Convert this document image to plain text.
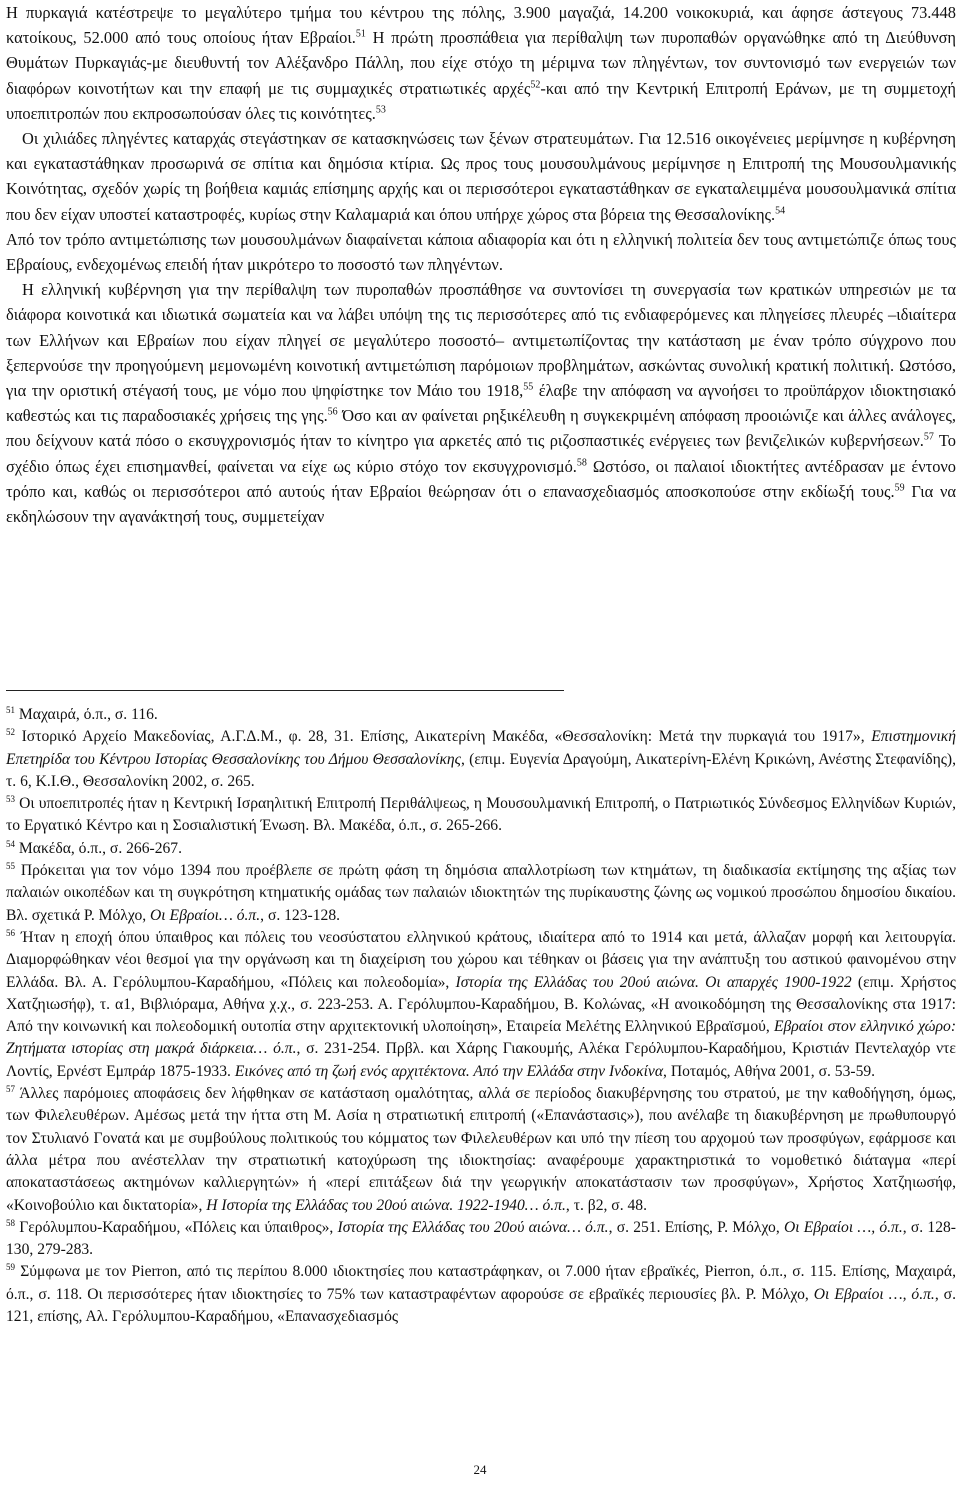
Η πυρκαγιά κατέστρεψε το μεγαλύτερο τμήμα του κέντρου της πόλης, 3.900 μαγαζιά, 14.200 νοικοκυριά, και άφησε άστεγους 73.448 κατοίκους, 52.000 από τους οποίους ήταν Εβραίοι.$^{51}$ Η πρώτη προσπάθεια για περίθαλψη των πυροπαθών οργανώθηκε από τη Διεύθυνση Θυμάτων Πυρκαγιάς-με διευθυντή τον Αλέξανδρο Πάλλη, που είχε στόχο τη μέριμνα των πληγέντων, τον συντονισμό των ενεργειών των διαφόρων κοινοτήτων και την επαφή με τις συμμαχικές στρατιωτικές αρχές$^{52}$-και από την Κεντρική Επιτροπή Εράνων, με τη συμμετοχή υποεπιτροπών που εκπροσωπούσαν όλες τις κοινότητες.$^{53}$

Οι χιλιάδες πληγέντες καταρχάς στεγάστηκαν σε κατασκηνώσεις των ξένων στρατευμάτων. Για 12.516 οικογένειες μερίμνησε η κυβέρνηση και εγκαταστάθηκαν προσωρινά σε σπίτια και δημόσια κτίρια. Ως προς τους μουσουλμάνους μερίμνησε η Επιτροπή της Μουσουλμανικής Κοινότητας, σχεδόν χωρίς τη βοήθεια καμιάς επίσημης αρχής και οι περισσότεροι εγκαταστάθηκαν σε εγκαταλειμμένα μουσουλμανικά σπίτια που δεν είχαν υποστεί καταστροφές, κυρίως στην Καλαμαριά και όπου υπήρχε χώρος στα βόρεια της Θεσσαλονίκης.$^{54}$

Από τον τρόπο αντιμετώπισης των μουσουλμάνων διαφαίνεται κάποια αδιαφορία και ότι η ελληνική πολιτεία δεν τους αντιμετώπιζε όπως τους Εβραίους, ενδεχομένως επειδή ήταν μικρότερο το ποσοστό των πληγέντων.

Η ελληνική κυβέρνηση για την περίθαλψη των πυροπαθών προσπάθησε να συντονίσει τη συνεργασία των κρατικών υπηρεσιών με τα διάφορα κοινοτικά και ιδιωτικά σωματεία και να λάβει υπόψη της τις περισσότερες από τις ενδιαφερόμενες και πληγείσες πλευρές –ιδιαίτερα των Ελλήνων και Εβραίων που είχαν πληγεί σε μεγαλύτερο ποσοστό– αντιμετωπίζοντας την κατάσταση με έναν τρόπο σύγχρονο που ξεπερνούσε την προηγούμενη μεμονωμένη κοινοτική αντιμετώπιση παρόμοιων προβλημάτων, ασκώντας συνολική κρατική πολιτική. Ωστόσο, για την οριστική στέγασή τους, με νόμο που ψηφίστηκε τον Μάιο του 1918,55 έλαβε την απόφαση να αγνοήσει το προϋπάρχον ιδιοκτησιακό καθεστώς και τις παραδοσιακές χρήσεις της γης.$^{56}$ Όσο και αν φαίνεται ρηξικέλευθη η συγκεκριμένη απόφαση προοιώνιζε και άλλες ανάλογες, που δείχνουν κατά πόσο ο εκσυγχρονισμός ήταν το κίνητρο για αρκετές από τις ριζοσπαστικές ενέργειες των βενιζελικών κυβερνήσεων.$^{57}$ Το σχέδιο όπως έχει επισημανθεί, φαίνεται να είχε ως κύριο στόχο τον εκσυγχρονισμό.$^{58}$ Ωστόσο, οι παλαιοί ιδιοκτήτες αντέδρασαν με έντονο τρόπο και, καθώς οι περισσότεροι από αυτούς ήταν Εβραίοι θεώρησαν ότι ο επανασχεδιασμός αποσκοπούσε στην εκδίωξή τους.$^{59}$ Για να εκδηλώσουν την αγανάκτησή τους, συμμετείχαν

$^{51}$ Μαχαιρά, ό.π., σ. 116.

$^{52}$ Ιστορικό Αρχείο Μακεδονίας, Α.Γ.Δ.Μ., φ. 28, 31. Επίσης, Αικατερίνη Μακέδα, «Θεσσαλονίκη: Μετά την πυρκαγιά του 1917», Επιστημονική Επετηρίδα του Κέντρου Ιστορίας Θεσσαλονίκης του Δήμου Θεσσαλονίκης, (επιμ. Ευγενία Δραγούμη, Αικατερίνη-Ελένη Κρικώνη, Ανέστης Στεφανίδης), τ. 6, Κ.Ι.Θ., Θεσσαλονίκη 2002, σ. 265.

$^{53}$ Οι υποεπιτροπές ήταν η Κεντρική Ισραηλιτική Επιτροπή Περιθάλψεως, η Μουσουλμανική Επιτροπή, ο Πατριωτικός Σύνδεσμος Ελληνίδων Κυριών, το Εργατικό Κέντρο και η Σοσιαλιστική Ένωση. Βλ. Μακέδα, ό.π., σ. 265-266.

$^{54}$ Μακέδα, ό.π., σ. 266-267.

$^{55}$ Πρόκειται για τον νόμο 1394 που προέβλεπε σε πρώτη φάση τη δημόσια απαλλοτρίωση των κτημάτων, τη διαδικασία εκτίμησης της αξίας των παλαιών οικοπέδων και τη συγκρότηση κτηματικής ομάδας των παλαιών ιδιοκτητών της πυρίκαυστης ζώνης ως νομικού προσώπου δημοσίου δικαίου. Βλ. σχετικά Ρ. Μόλχο, Οι Εβραίοι… ό.π., σ. 123-128.

$^{56}$ Ήταν η εποχή όπου ύπαιθρος και πόλεις του νεοσύστατου ελληνικού κράτους, ιδιαίτερα από το 1914 και μετά, άλλαζαν μορφή και λειτουργία. Διαμορφώθηκαν νέοι θεσμοί για την οργάνωση και τη διαχείριση του χώρου και τέθηκαν οι βάσεις για την ανάπτυξη του αστικού φαινομένου στην Ελλάδα. Βλ. Α. Γερόλυμπου-Καραδήμου, «Πόλεις και πολεοδομία», Ιστορία της Ελλάδας του 20ού αιώνα. Οι απαρχές 1900-1922 (επιμ. Χρήστος Χατζηιωσήφ), τ. α1, Βιβλιόραμα, Αθήνα χ.χ., σ. 223-253. Α. Γερόλυμπου-Καραδήμου, Β. Κολώνας, «Η ανοικοδόμηση της Θεσσαλονίκης στα 1917: Από την κοινωνική και πολεοδομική ουτοπία στην αρχιτεκτονική υλοποίηση», Εταιρεία Μελέτης Ελληνικού Εβραϊσμού, Εβραίοι στον ελληνικό χώρο: Ζητήματα ιστορίας στη μακρά διάρκεια… ό.π., σ. 231-254. Πρβλ. και Χάρης Γιακουμής, Αλέκα Γερόλυμπου-Καραδήμου, Κριστιάν Πεντελαχόρ ντε Λοντίς, Ερνέστ Εμπράρ 1875-1933. Εικόνες από τη ζωή ενός αρχιτέκτονα. Από την Ελλάδα στην Ινδοκίνα, Ποταμός, Αθήνα 2001, σ. 53-59.

$^{57}$ Άλλες παρόμοιες αποφάσεις δεν λήφθηκαν σε κατάσταση ομαλότητας, αλλά σε περίοδος διακυβέρνησης του στρατού, με την καθοδήγηση, όμως, των Φιλελευθέρων. Αμέσως μετά την ήττα στη Μ. Ασία η στρατιωτική επιτροπή («Επανάστασις»), που ανέλαβε τη διακυβέρνηση με πρωθυπουργό τον Στυλιανό Γονατά και με συμβούλους πολιτικούς του κόμματος των Φιλελευθέρων και υπό την πίεση του αρχομού των προσφύγων, εφάρμοσε και άλλα μέτρα που ανέστελλαν την στρατιωτική κατοχύρωση της ιδιοκτησίας: αναφέρουμε χαρακτηριστικά το νομοθετικό διάταγμα «περί αποκαταστάσεως ακτημόνων καλλιεργητών» ή «περί επιτάξεων διά την γεωργικήν αποκατάστασιν των προσφύγων», Χρήστος Χατζηιωσήφ, «Κοινοβούλιο και δικτατορία», Η Ιστορία της Ελλάδας του 20ού αιώνα. 1922-1940… ό.π., τ. β2, σ. 48.

$^{58}$ Γερόλυμπου-Καραδήμου, «Πόλεις και ύπαιθρος», Ιστορία της Ελλάδας του 20ού αιώνα… ό.π., σ. 251. Επίσης, Ρ. Μόλχο, Οι Εβραίοι …, ό.π., σ. 128-130, 279-283.

$^{59}$ Σύμφωνα με τον Pierron, από τις περίπου 8.000 ιδιοκτησίες που καταστράφηκαν, οι 7.000 ήταν εβραϊκές, Pierron, ό.π., σ. 115. Επίσης, Μαχαιρά, ό.π., σ. 118. Οι περισσότερες ήταν ιδιοκτησίες το 75% των καταστραφέντων αφορούσε σε εβραϊκές περιουσίες βλ. Ρ. Μόλχο, Οι Εβραίοι …, ό.π., σ. 121, επίσης, Αλ. Γερόλυμπου-Καραδήμου, «Επανασχεδιασμός

24
